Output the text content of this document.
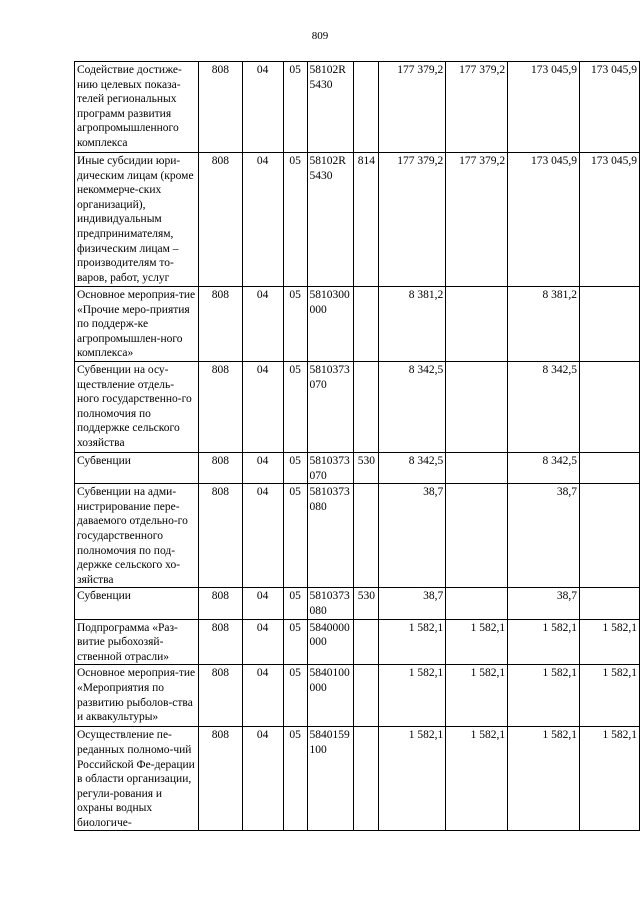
809
Содействие достиже-нию целевых показа-телей региональных программ развития агропромышленного комплекса	808	04	05	58102R5430		177 379,2	177 379,2	173 045,9	173 045,9
Иные субсидии юри-дическим лицам (кроме некоммерче-ских организаций), индивидуальным предпринимателям, физическим лицам – производителям то-варов, работ, услуг	808	04	05	58102R5430	814	177 379,2	177 379,2	173 045,9	173 045,9
Основное мероприя-тие «Прочие меро-приятия по поддерж-ке агропромышлен-ного комплекса»	808	04	05	5810300000		8 381,2		8 381,2	
Субвенции на осу-ществление отдель-ного государственно-го полномочия по поддержке сельского хозяйства	808	04	05	5810373070		8 342,5		8 342,5	
Субвенции	808	04	05	5810373070	530	8 342,5		8 342,5	
Субвенции на адми-нистрирование пере-даваемого отдельно-го государственного полномочия по под-держке сельского хо-зяйства	808	04	05	5810373080		38,7		38,7	
Субвенции	808	04	05	5810373080	530	38,7		38,7	
Подпрограмма «Раз-витие рыбохозяй-ственной отрасли»	808	04	05	5840000000		1 582,1	1 582,1	1 582,1	1 582,1
Основное мероприя-тие «Мероприятия по развитию рыболов-ства и аквакультуры»	808	04	05	5840100000		1 582,1	1 582,1	1 582,1	1 582,1
Осуществление пе-реданных полномо-чий Российской Фе-дерации в области организации, регули-рования и охраны водных биологиче-	808	04	05	5840159100		1 582,1	1 582,1	1 582,1	1 582,1
